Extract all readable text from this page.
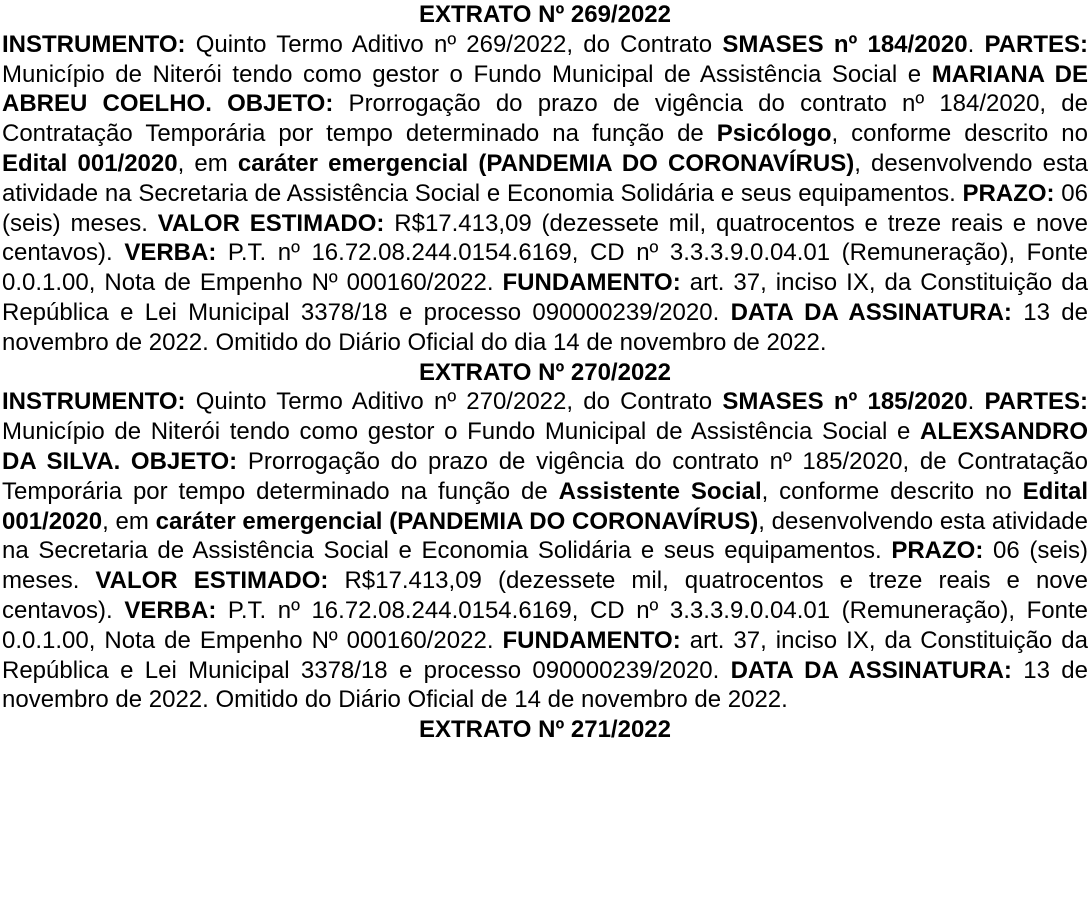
EXTRATO Nº 269/2022

INSTRUMENTO: Quinto Termo Aditivo nº 269/2022, do Contrato SMASES nº 184/2020. PARTES: Município de Niterói tendo como gestor o Fundo Municipal de Assistência Social e MARIANA DE ABREU COELHO. OBJETO: Prorrogação do prazo de vigência do contrato nº 184/2020, de Contratação Temporária por tempo determinado na função de Psicólogo, conforme descrito no Edital 001/2020, em caráter emergencial (PANDEMIA DO CORONAVÍRUS), desenvolvendo esta atividade na Secretaria de Assistência Social e Economia Solidária e seus equipamentos. PRAZO: 06 (seis) meses. VALOR ESTIMADO: R$17.413,09 (dezessete mil, quatrocentos e treze reais e nove centavos). VERBA: P.T. nº 16.72.08.244.0154.6169, CD nº 3.3.3.9.0.04.01 (Remuneração), Fonte 0.0.1.00, Nota de Empenho Nº 000160/2022. FUNDAMENTO: art. 37, inciso IX, da Constituição da República e Lei Municipal 3378/18 e processo 090000239/2020. DATA DA ASSINATURA: 13 de novembro de 2022. Omitido do Diário Oficial do dia 14 de novembro de 2022.

EXTRATO Nº 270/2022

INSTRUMENTO: Quinto Termo Aditivo nº 270/2022, do Contrato SMASES nº 185/2020. PARTES: Município de Niterói tendo como gestor o Fundo Municipal de Assistência Social e ALEXSANDRO DA SILVA. OBJETO: Prorrogação do prazo de vigência do contrato nº 185/2020, de Contratação Temporária por tempo determinado na função de Assistente Social, conforme descrito no Edital 001/2020, em caráter emergencial (PANDEMIA DO CORONAVÍRUS), desenvolvendo esta atividade na Secretaria de Assistência Social e Economia Solidária e seus equipamentos. PRAZO: 06 (seis) meses. VALOR ESTIMADO: R$17.413,09 (dezessete mil, quatrocentos e treze reais e nove centavos). VERBA: P.T. nº 16.72.08.244.0154.6169, CD nº 3.3.3.9.0.04.01 (Remuneração), Fonte 0.0.1.00, Nota de Empenho Nº 000160/2022. FUNDAMENTO: art. 37, inciso IX, da Constituição da República e Lei Municipal 3378/18 e processo 090000239/2020. DATA DA ASSINATURA: 13 de novembro de 2022. Omitido do Diário Oficial de 14 de novembro de 2022.

EXTRATO Nº 271/2022
